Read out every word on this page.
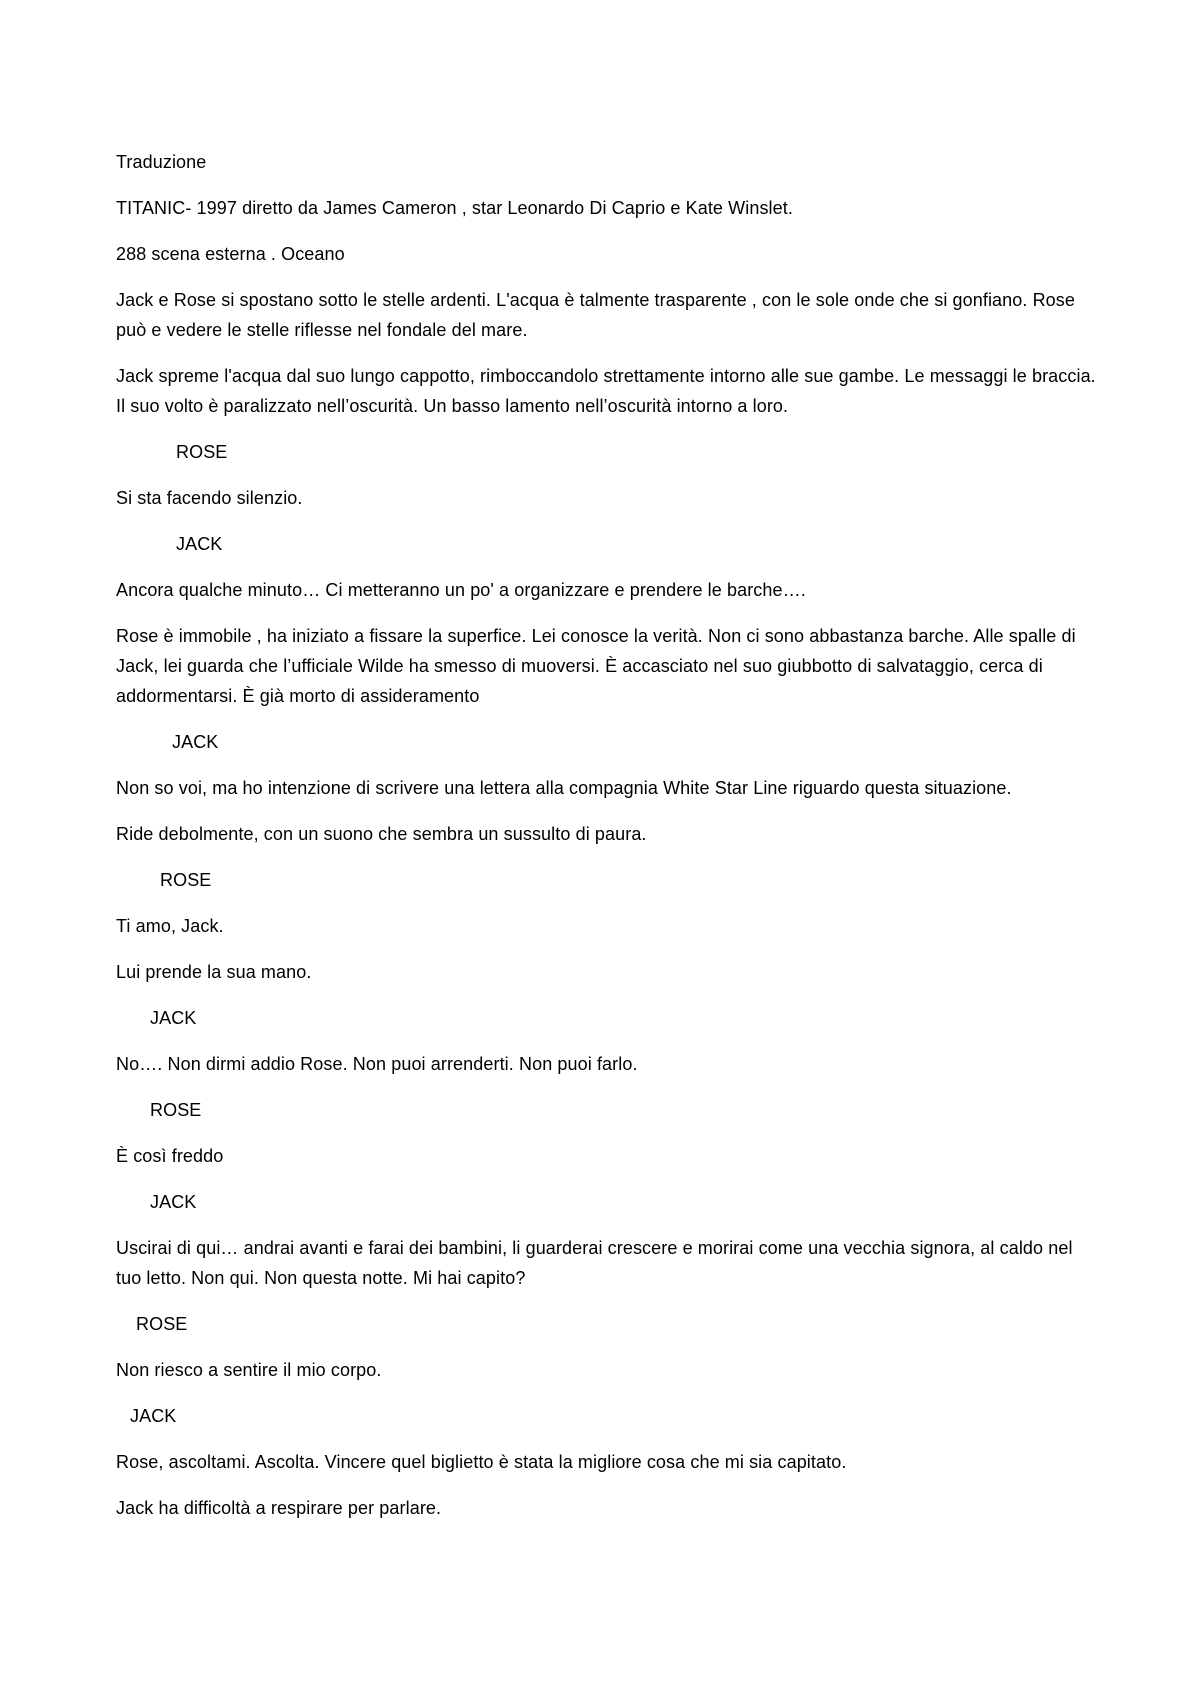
Traduzione

TITANIC- 1997 diretto da James Cameron , star Leonardo Di Caprio e Kate Winslet.

288 scena esterna . Oceano

Jack e Rose si spostano sotto le stelle ardenti. L'acqua è talmente trasparente , con le sole onde che si gonfiano. Rose può e vedere le stelle riflesse nel fondale del mare.

Jack spreme l'acqua dal suo lungo cappotto, rimboccandolo strettamente intorno alle sue gambe. Le messaggi le braccia. Il suo volto è paralizzato nell’oscurità. Un basso lamento nell’oscurità intorno a loro.

ROSE

Si sta facendo silenzio.

JACK

Ancora qualche minuto… Ci metteranno un po' a organizzare e prendere le barche….

Rose è immobile , ha iniziato a fissare la superfice. Lei conosce la verità. Non ci sono abbastanza barche. Alle spalle di Jack, lei guarda che l’ufficiale Wilde ha smesso di muoversi. È accasciato nel suo giubbotto di salvataggio, cerca di addormentarsi. È già morto di assideramento

JACK

Non so voi, ma ho intenzione di scrivere una lettera alla compagnia White Star Line riguardo questa situazione.

Ride debolmente, con un suono che sembra un sussulto di paura.

ROSE

Ti amo, Jack.

Lui prende la sua mano.

JACK

No…. Non dirmi addio Rose. Non puoi arrenderti. Non puoi farlo.

ROSE

È così freddo

JACK

Uscirai di qui… andrai avanti e farai dei bambini, li guarderai crescere e morirai come una vecchia signora, al caldo nel tuo letto. Non qui. Non questa notte. Mi hai capito?

ROSE

Non riesco a sentire il mio corpo.

JACK

Rose, ascoltami. Ascolta. Vincere quel biglietto è stata la migliore cosa che mi sia capitato.

Jack ha difficoltà a respirare per parlare.
